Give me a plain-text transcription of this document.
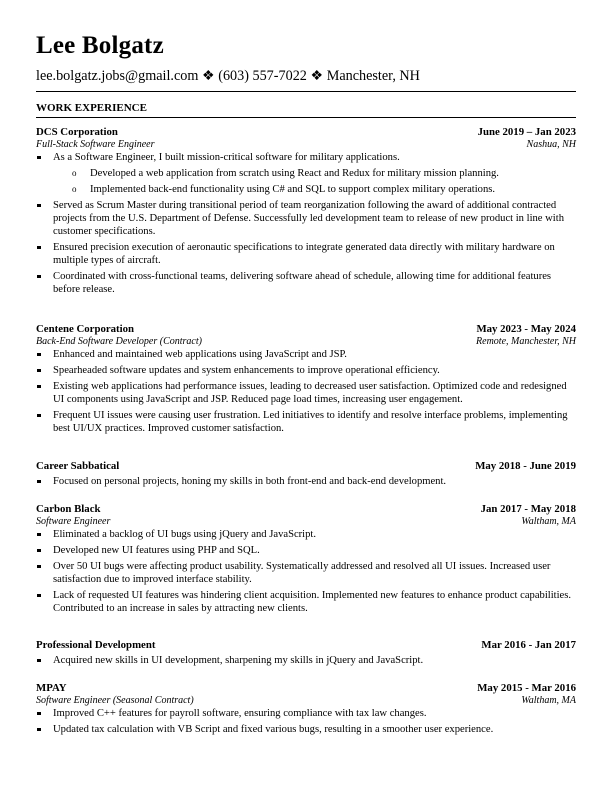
Lee Bolgatz
lee.bolgatz.jobs@gmail.com ❖ (603) 557-7022 ❖ Manchester, NH
WORK EXPERIENCE
DCS Corporation	June 2019 – Jan 2023
Full-Stack Software Engineer	Nashua, NH
As a Software Engineer, I built mission-critical software for military applications.
o Developed a web application from scratch using React and Redux for military mission planning.
o Implemented back-end functionality using C# and SQL to support complex military operations.
Served as Scrum Master during transitional period of team reorganization following the award of additional contracted projects from the U.S. Department of Defense. Successfully led development team to release of new product in line with customer specifications.
Ensured precision execution of aeronautic specifications to integrate generated data directly with military hardware on multiple types of aircraft.
Coordinated with cross-functional teams, delivering software ahead of schedule, allowing time for additional features before release.
Centene Corporation	May 2023 - May 2024
Back-End Software Developer (Contract)	Remote, Manchester, NH
Enhanced and maintained web applications using JavaScript and JSP.
Spearheaded software updates and system enhancements to improve operational efficiency.
Existing web applications had performance issues, leading to decreased user satisfaction. Optimized code and redesigned UI components using JavaScript and JSP. Reduced page load times, increasing user engagement.
Frequent UI issues were causing user frustration. Led initiatives to identify and resolve interface problems, implementing best UI/UX practices. Improved customer satisfaction.
Career Sabbatical	May 2018 - June 2019
Focused on personal projects, honing my skills in both front-end and back-end development.
Carbon Black	Jan 2017 - May 2018
Software Engineer	Waltham, MA
Eliminated a backlog of UI bugs using jQuery and JavaScript.
Developed new UI features using PHP and SQL.
Over 50 UI bugs were affecting product usability. Systematically addressed and resolved all UI issues. Increased user satisfaction due to improved interface stability.
Lack of requested UI features was hindering client acquisition. Implemented new features to enhance product capabilities. Contributed to an increase in sales by attracting new clients.
Professional Development	Mar 2016 - Jan 2017
Acquired new skills in UI development, sharpening my skills in jQuery and JavaScript.
MPAY	May 2015 - Mar 2016
Software Engineer (Seasonal Contract)	Waltham, MA
Improved C++ features for payroll software, ensuring compliance with tax law changes.
Updated tax calculation with VB Script and fixed various bugs, resulting in a smoother user experience.
